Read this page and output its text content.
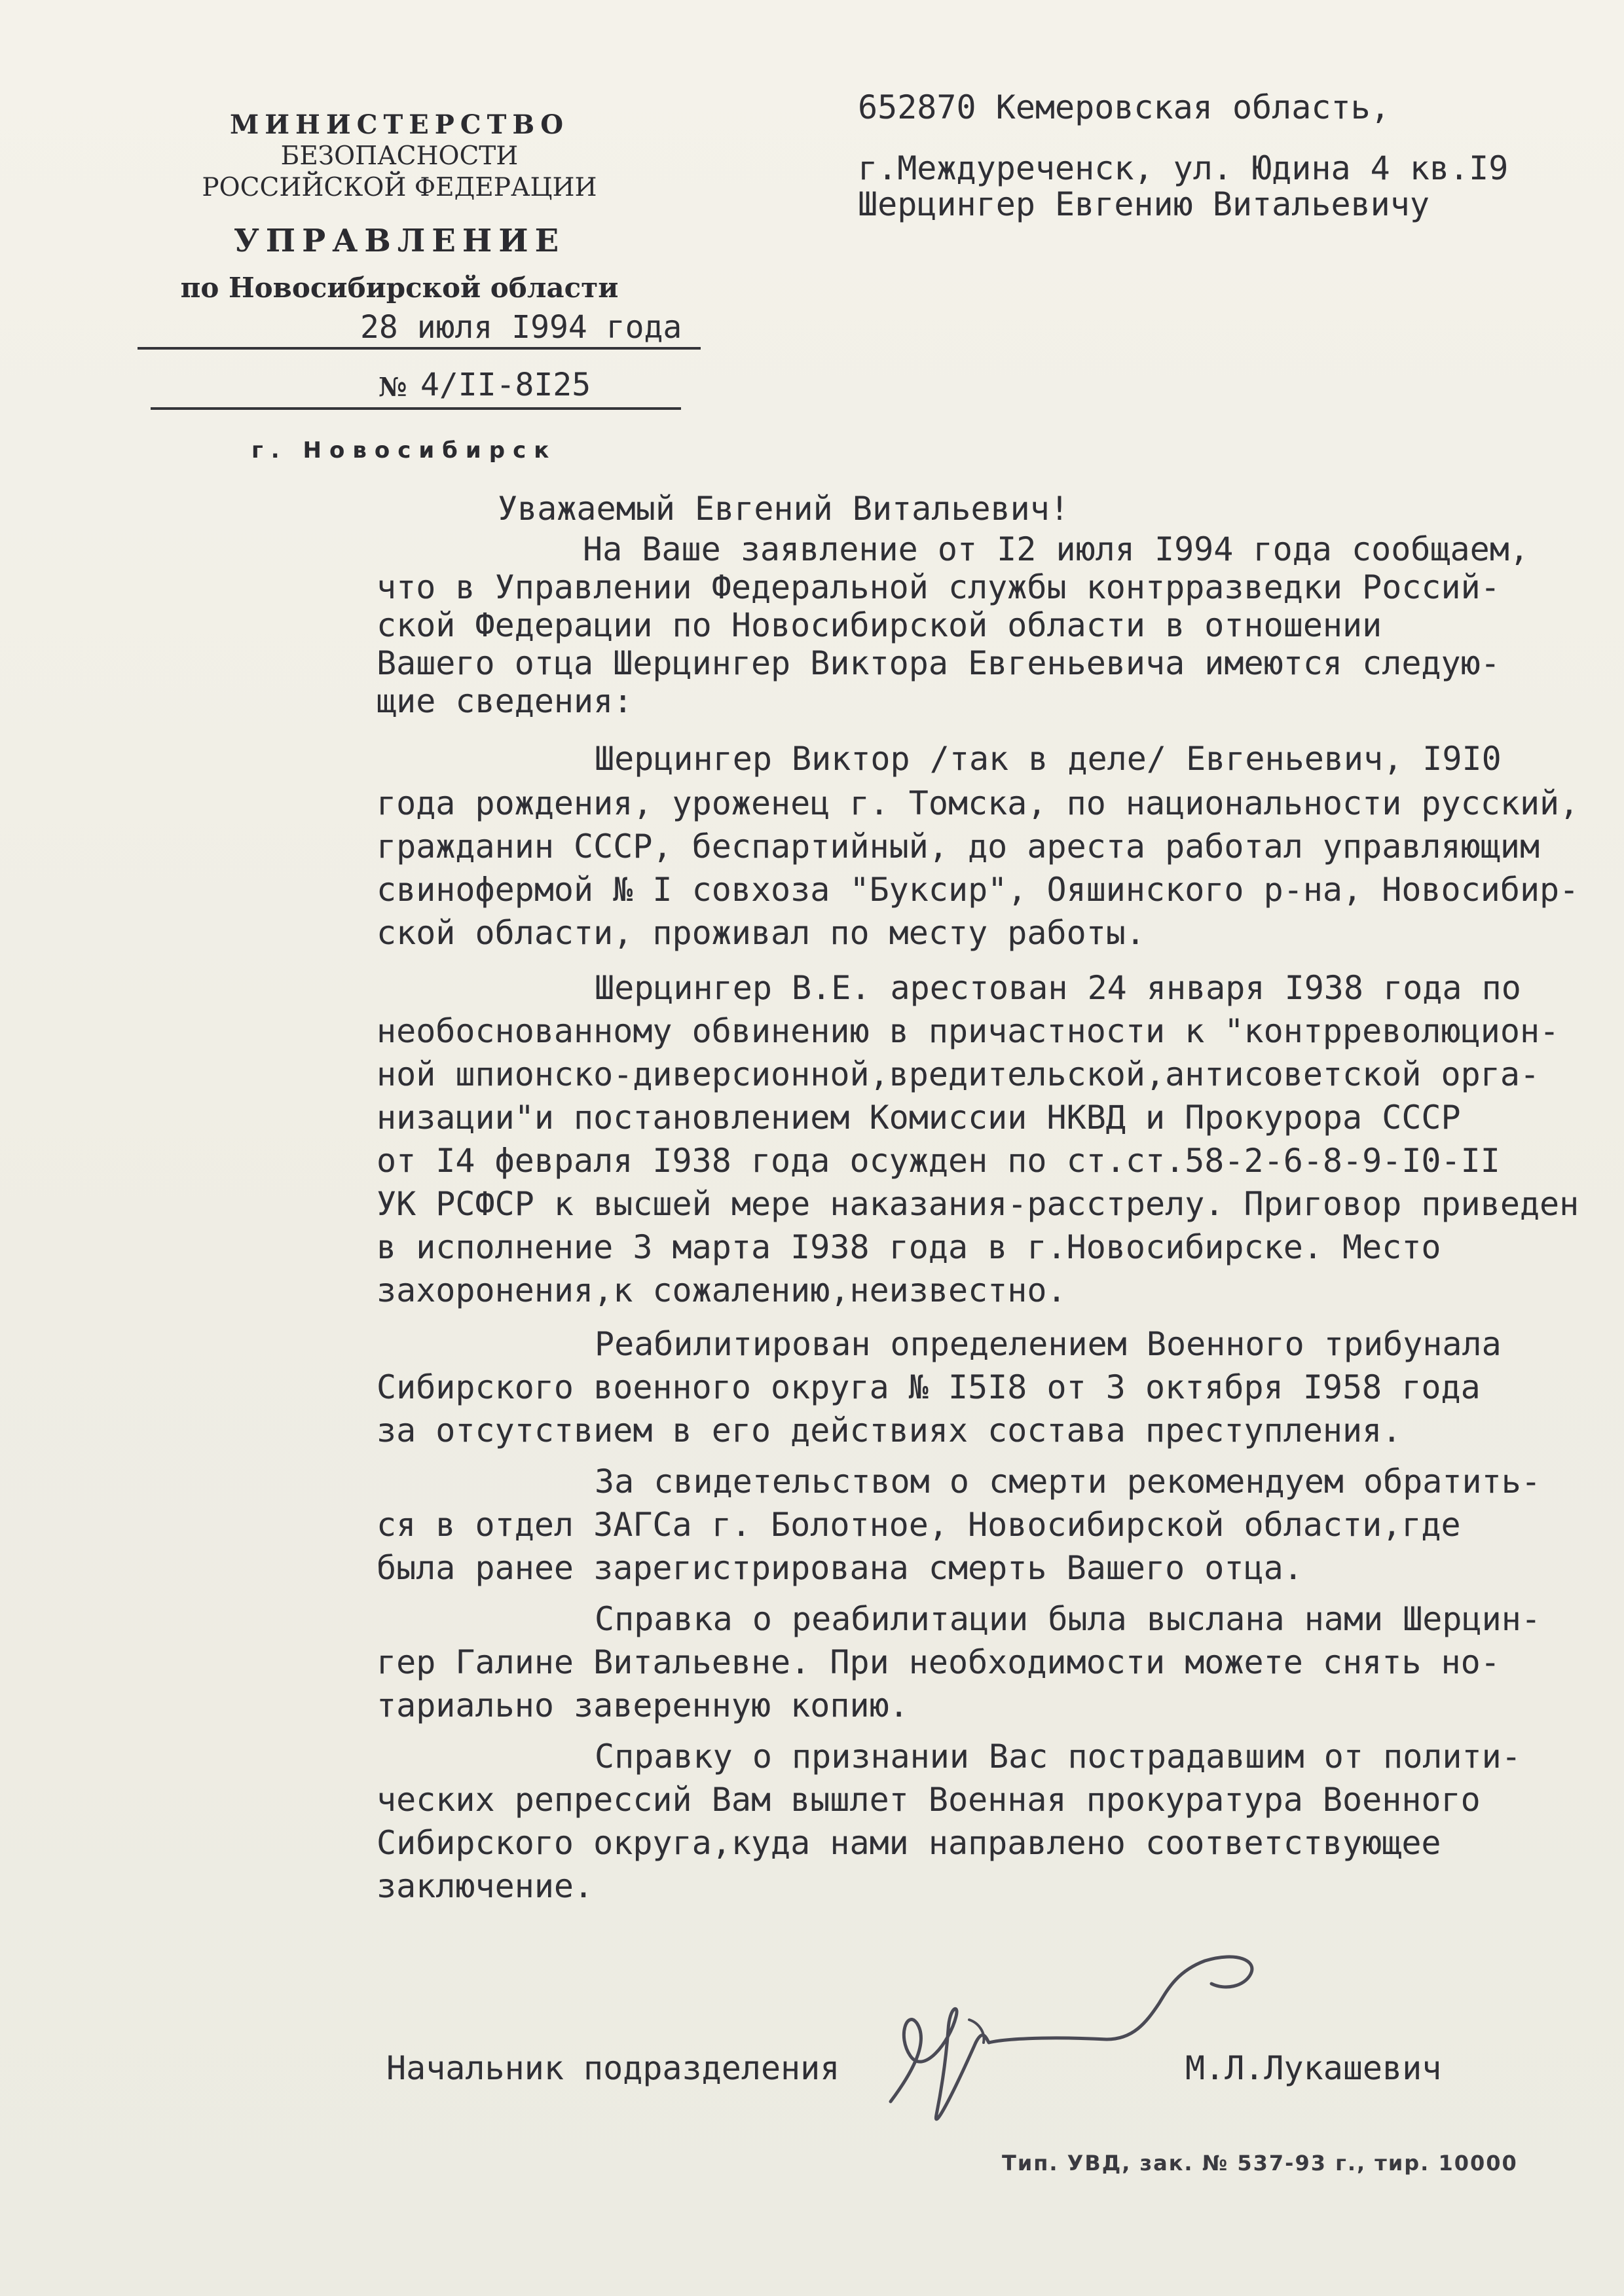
МИНИСТЕРСТВО
БЕЗОПАСНОСТИ
РОССИЙСКОЙ ФЕДЕРАЦИИ
УПРАВЛЕНИЕ
по Новосибирской области
28 июля I994 года
№ 4/II-8I25
г. Новосибирск
652870 Кемеровская область,
г.Междуреченск, ул. Юдина 4 кв.I9
Шерцингер Евгению Витальевичу
Уважаемый Евгений Витальевич!
На Ваше заявление от I2 июля I994 года сообщаем,
что в Управлении Федеральной службы контрразведки Россий-
ской Федерации по Новосибирской области в отношении
Вашего отца Шерцингер Виктора Евгеньевича имеются следую-
щие сведения:
Шерцингер Виктор /так в деле/ Евгеньевич, I9I0
года рождения, уроженец г. Томска, по национальности русский,
гражданин СССР, беспартийный, до ареста работал управляющим
свинофермой № I совхоза "Буксир", Ояшинского р-на, Новосибир-
ской области, проживал по месту работы.
Шерцингер В.Е. арестован 24 января I938 года по
необоснованному обвинению в причастности к "контрреволюцион-
ной шпионско-диверсионной,вредительской,антисоветской орга-
низации"и постановлением Комиссии НКВД и Прокурора СССР
от I4 февраля I938 года осужден по ст.ст.58-2-6-8-9-I0-II
УК РСФСР к высшей мере наказания-расстрелу. Приговор приведен
в исполнение 3 марта I938 года в г.Новосибирске. Место
захоронения,к сожалению,неизвестно.
Реабилитирован определением Военного трибунала
Сибирского военного округа № I5I8 от 3 октября I958 года
за отсутствием в его действиях состава преступления.
За свидетельством о смерти рекомендуем обратить-
ся в отдел ЗАГСа г. Болотное, Новосибирской области,где
была ранее зарегистрирована смерть Вашего отца.
Справка о реабилитации была выслана нами Шерцин-
гер Галине Витальевне. При необходимости можете снять но-
тариально заверенную копию.
Справку о признании Вас пострадавшим от полити-
ческих репрессий Вам вышлет Военная прокуратура Военного
Сибирского округа,куда нами направлено соответствующее
заключение.
Начальник подразделения	М.Л.Лукашевич
Тип. УВД, зак. № 537-93 г., тир. 10000
